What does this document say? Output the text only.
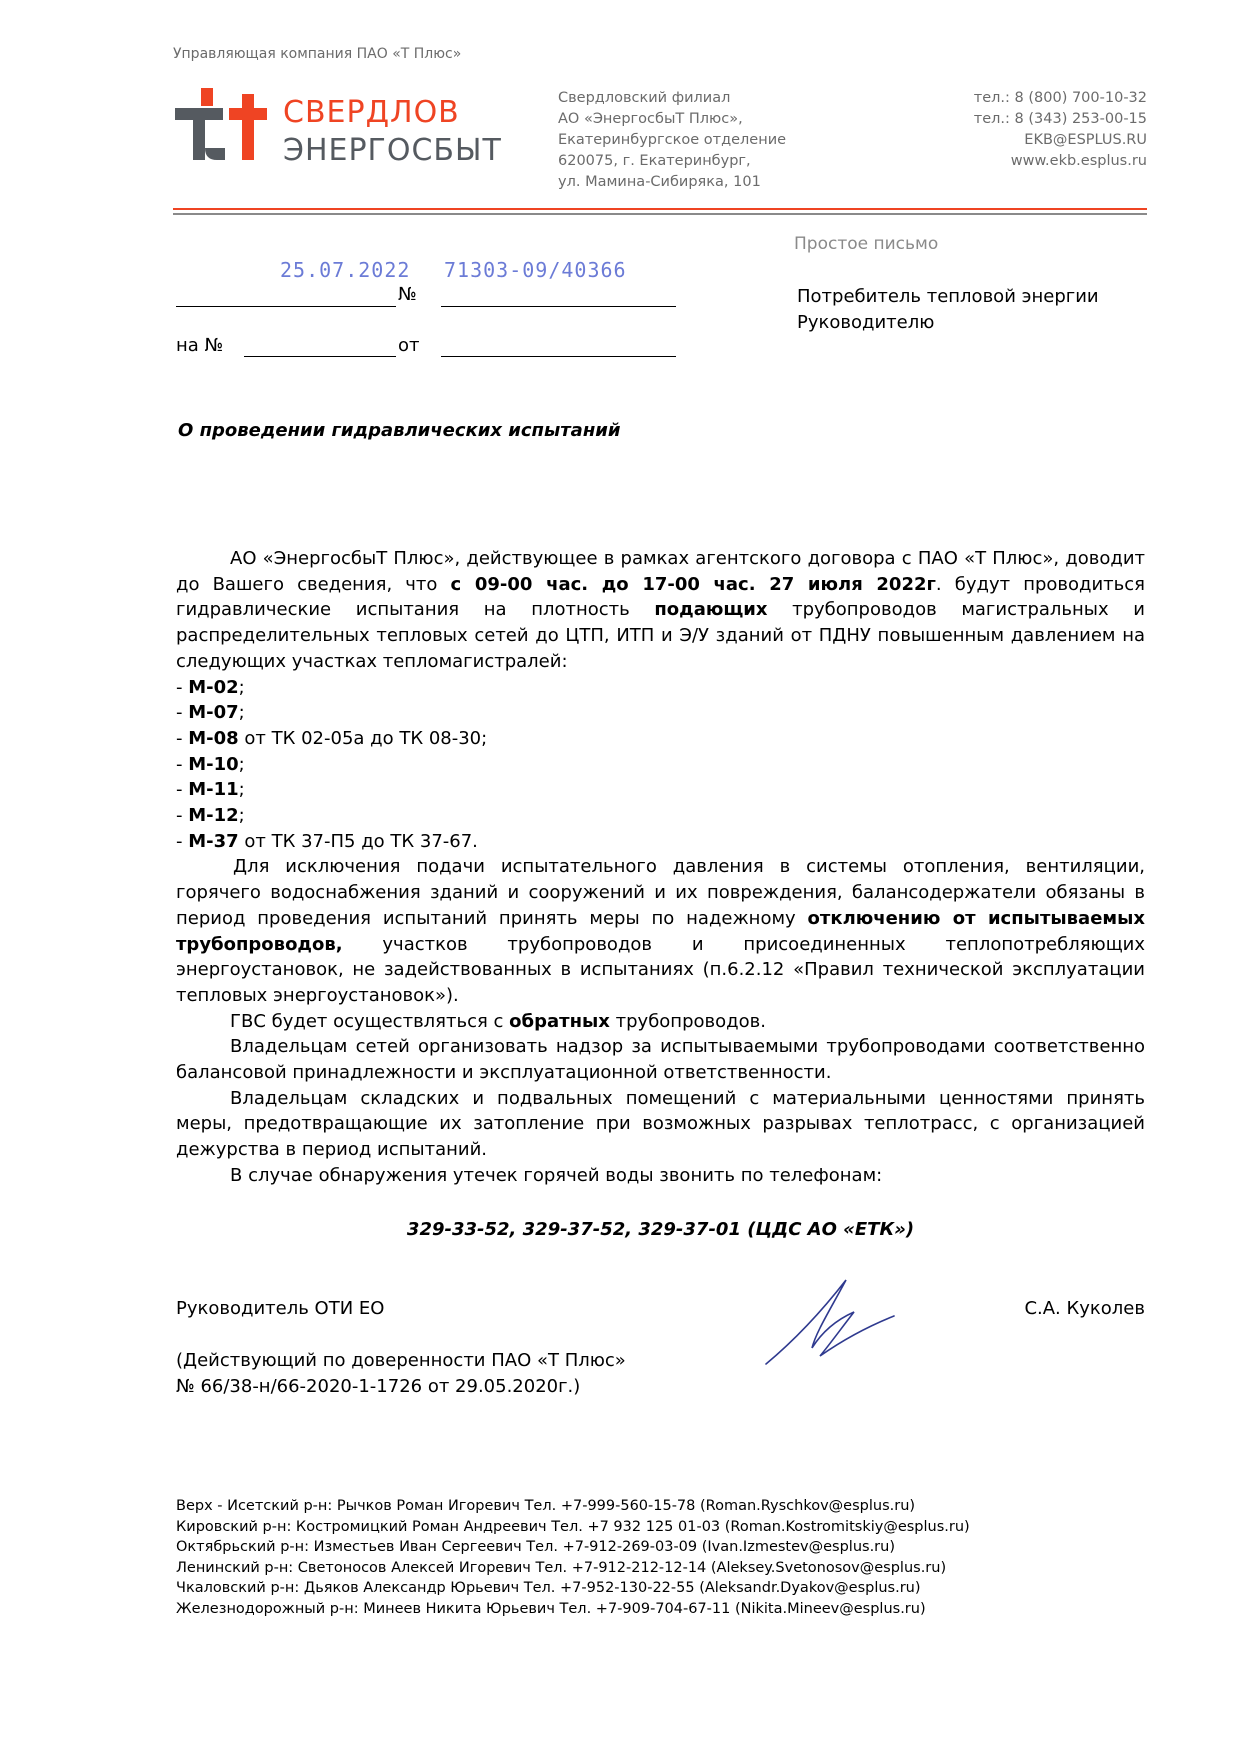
Управляющая компания ПАО «Т Плюс»
СВЕРДЛОВ
ЭНЕРГОСБЫТ
Свердловский филиал
АО «ЭнергосбыТ Плюс»,
Екатеринбургское отделение
620075, г. Екатеринбург,
ул. Мамина-Сибиряка, 101
тел.: 8 (800) 700-10-32
тел.: 8 (343) 253-00-15
EKB@ESPLUS.RU
www.ekb.esplus.ru
25.07.2022 71303-09/40366
№
на №	от
Простое письмо
Потребитель тепловой энергии
Руководителю
О проведении гидравлических испытаний

АО «ЭнергосбыТ Плюс», действующее в рамках агентского договора с ПАО «Т Плюс», доводит до Вашего сведения, что с 09-00 час. до 17-00 час. 27 июля 2022г. будут проводиться гидравлические испытания на плотность подающих трубопроводов магистральных и распределительных тепловых сетей до ЦТП, ИТП и Э/У зданий от ПДНУ повышенным давлением на следующих участках тепломагистралей:

- М-02;
- М-07;
- М-08 от ТК 02-05а до ТК 08-30;
- М-10;
- М-11;
- М-12;
- М-37 от ТК 37-П5 до ТК 37-67.

Для исключения подачи испытательного давления в системы отопления, вентиляции, горячего водоснабжения зданий и сооружений и их повреждения, балансодержатели обязаны в период проведения испытаний принять меры по надежному отключению от испытываемых трубопроводов, участков трубопроводов и присоединенных теплопотребляющих энергоустановок, не задействованных в испытаниях (п.6.2.12 «Правил технической эксплуатации тепловых энергоустановок»).

ГВС будет осуществляться с обратных трубопроводов.

Владельцам сетей организовать надзор за испытываемыми трубопроводами соответственно балансовой принадлежности и эксплуатационной ответственности.

Владельцам складских и подвальных помещений с материальными ценностями принять меры, предотвращающие их затопление при возможных разрывах теплотрасс, с организацией дежурства в период испытаний.

В случае обнаружения утечек горячей воды звонить по телефонам:

329-33-52, 329-37-52, 329-37-01 (ЦДС АО «ЕТК»)
Руководитель ОТИ ЕО	С.А. Куколев
(Действующий по доверенности ПАО «Т Плюс»
№ 66/38-н/66-2020-1-1726 от 29.05.2020г.)
Верх - Исетский р-н: Рычков Роман Игоревич Тел. +7-999-560-15-78 (Roman.Ryschkov@esplus.ru)
Кировский р-н: Костромицкий Роман Андреевич Тел. +7 932 125 01-03 (Roman.Kostromitskiy@esplus.ru)
Октябрьский р-н: Изместьев Иван Сергеевич Тел. +7-912-269-03-09 (Ivan.Izmestev@esplus.ru)
Ленинский р-н: Светоносов Алексей Игоревич Тел. +7-912-212-12-14 (Aleksey.Svetonosov@esplus.ru)
Чкаловский р-н: Дьяков Александр Юрьевич Тел. +7-952-130-22-55 (Aleksandr.Dyakov@esplus.ru)
Железнодорожный р-н: Минеев Никита Юрьевич Тел. +7-909-704-67-11 (Nikita.Mineev@esplus.ru)
